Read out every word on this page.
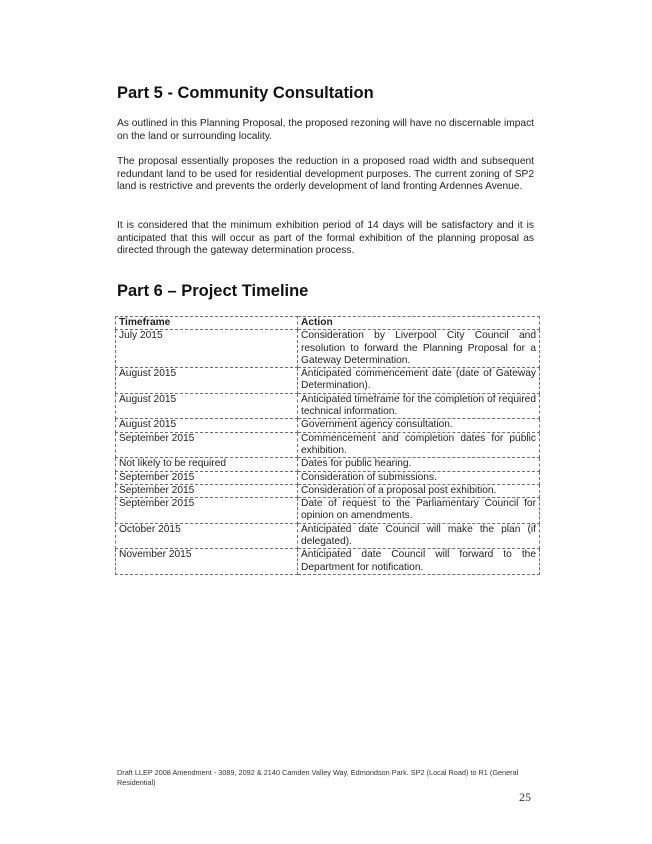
Part 5 - Community Consultation

As outlined in this Planning Proposal, the proposed rezoning will have no discernable impact on the land or surrounding locality.

The proposal essentially proposes the reduction in a proposed road width and subsequent redundant land to be used for residential development purposes. The current zoning of SP2 land is restrictive and prevents the orderly development of land fronting Ardennes Avenue.

It is considered that the minimum exhibition period of 14 days will be satisfactory and it is anticipated that this will occur as part of the formal exhibition of the planning proposal as directed through the gateway determination process.

Part 6 – Project Timeline
Timeframe	Action
July 2015	Consideration by Liverpool City Council and resolution to forward the Planning Proposal for a Gateway Determination.
August 2015	Anticipated commencement date (date of Gateway Determination).
August 2015	Anticipated timeframe for the completion of required technical information.
August 2015	Government agency consultation.
September 2015	Commencement and completion dates for public exhibition.
Not likely to be required	Dates for public hearing.
September 2015	Consideration of submissions.
September 2015	Consideration of a proposal post exhibition.
September 2015	Date of request to the Parliamentary Council for opinion on amendments.
October 2015	Anticipated date Council will make the plan (if delegated).
November 2015	Anticipated date Council will forward to the Department for notification.
Draft LLEP 2008 Amendment - 3089, 2092 & 2140 Camden Valley Way, Edmondson Park. SP2 (Local Road) to R1 (General Residential)
25
